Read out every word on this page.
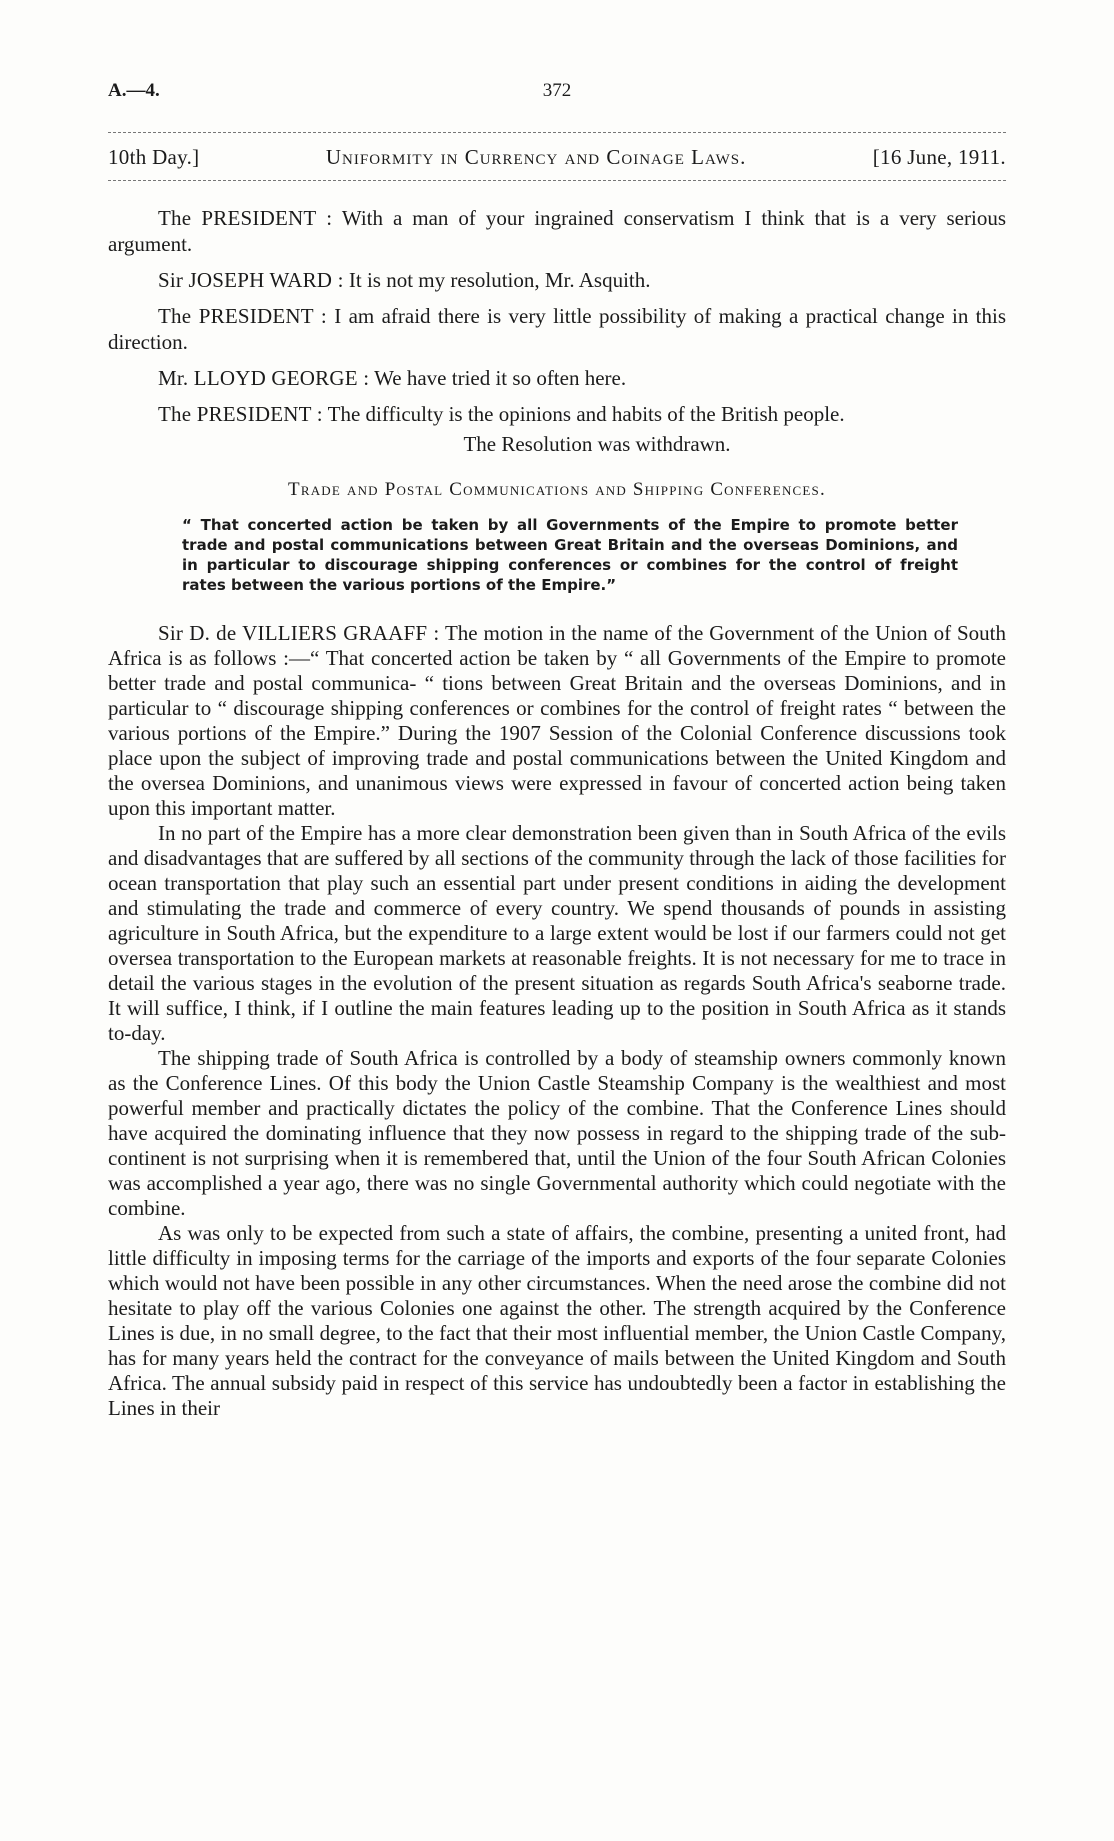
A.—4.	372
10th Day.]	Uniformity in Currency and Coinage Laws.	[16 June, 1911.

The PRESIDENT : With a man of your ingrained conservatism I think that is a very serious argument.

Sir JOSEPH WARD : It is not my resolution, Mr. Asquith.

The PRESIDENT : I am afraid there is very little possibility of making a practical change in this direction.

Mr. LLOYD GEORGE : We have tried it so often here.

The PRESIDENT : The difficulty is the opinions and habits of the British people.

The Resolution was withdrawn.

Trade and Postal Communications and Shipping Conferences.

“ That concerted action be taken by all Governments of the Empire to promote better trade and postal communications between Great Britain and the overseas Dominions, and in particular to discourage shipping conferences or combines for the control of freight rates between the various portions of the Empire.”

Sir D. de VILLIERS GRAAFF : The motion in the name of the Government of the Union of South Africa is as follows :—“ That concerted action be taken by “ all Governments of the Empire to promote better trade and postal communica- “ tions between Great Britain and the overseas Dominions, and in particular to “ discourage shipping conferences or combines for the control of freight rates “ between the various portions of the Empire.” During the 1907 Session of the Colonial Conference discussions took place upon the subject of improving trade and postal communications between the United Kingdom and the oversea Dominions, and unanimous views were expressed in favour of concerted action being taken upon this important matter.

In no part of the Empire has a more clear demonstration been given than in South Africa of the evils and disadvantages that are suffered by all sections of the community through the lack of those facilities for ocean transportation that play such an essential part under present conditions in aiding the development and stimulating the trade and commerce of every country. We spend thousands of pounds in assisting agriculture in South Africa, but the expenditure to a large extent would be lost if our farmers could not get oversea transportation to the European markets at reasonable freights. It is not necessary for me to trace in detail the various stages in the evolution of the present situation as regards South Africa's seaborne trade. It will suffice, I think, if I outline the main features leading up to the position in South Africa as it stands to-day.

The shipping trade of South Africa is controlled by a body of steamship owners commonly known as the Conference Lines. Of this body the Union Castle Steamship Company is the wealthiest and most powerful member and practically dictates the policy of the combine. That the Conference Lines should have acquired the dominating influence that they now possess in regard to the shipping trade of the sub-continent is not surprising when it is remembered that, until the Union of the four South African Colonies was accomplished a year ago, there was no single Governmental authority which could negotiate with the combine.

As was only to be expected from such a state of affairs, the combine, presenting a united front, had little difficulty in imposing terms for the carriage of the imports and exports of the four separate Colonies which would not have been possible in any other circumstances. When the need arose the combine did not hesitate to play off the various Colonies one against the other. The strength acquired by the Conference Lines is due, in no small degree, to the fact that their most influential member, the Union Castle Company, has for many years held the contract for the conveyance of mails between the United Kingdom and South Africa. The annual subsidy paid in respect of this service has undoubtedly been a factor in establishing the Lines in their
